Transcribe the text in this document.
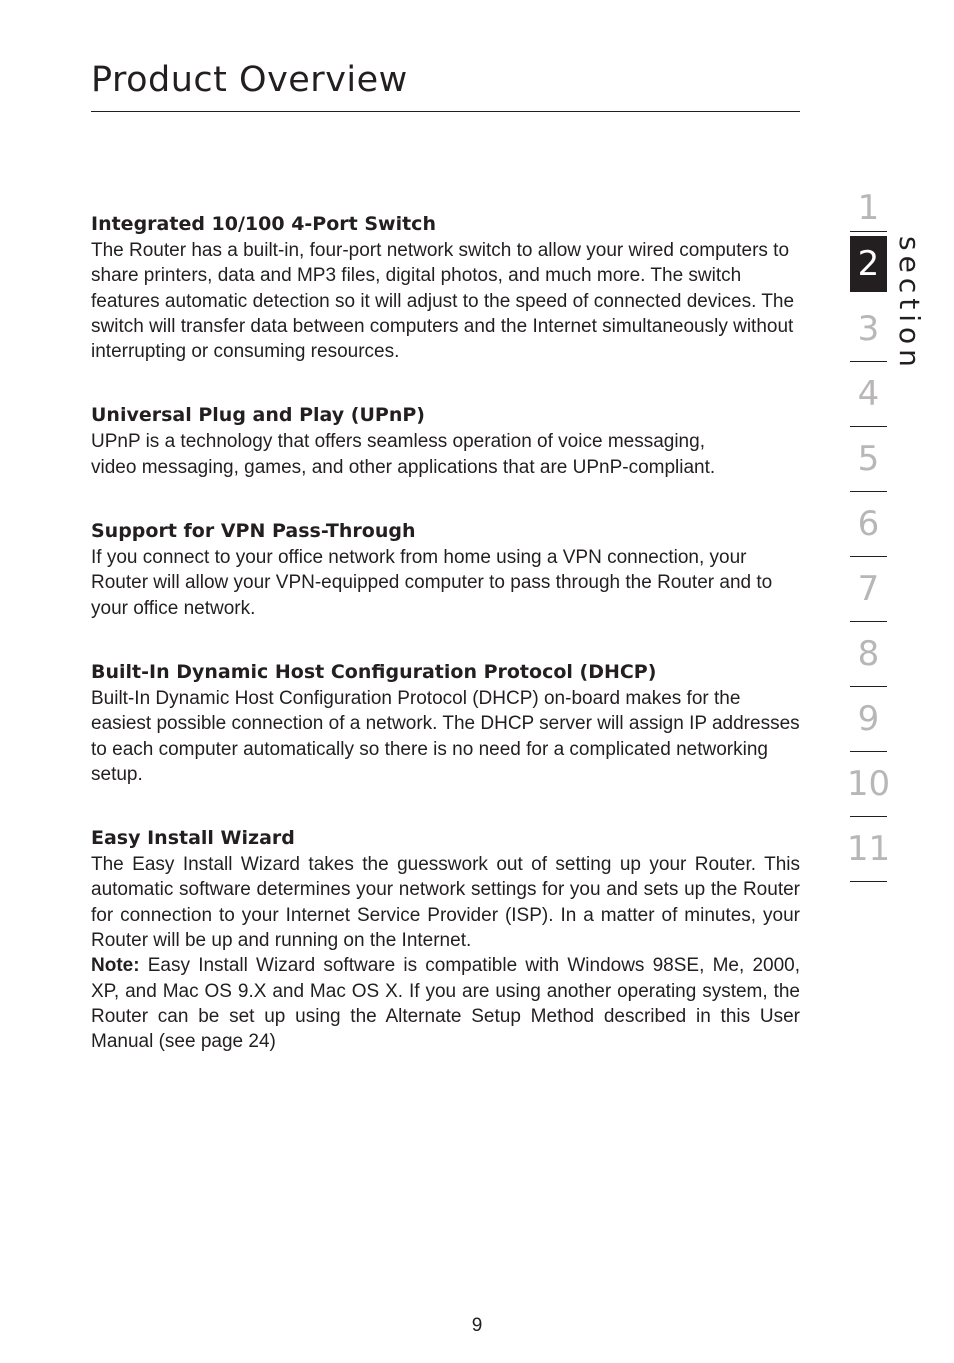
Product Overview
Integrated 10/100 4-Port Switch

The Router has a built-in, four-port network switch to allow your wired computers to share printers, data and MP3 files, digital photos, and much more. The switch features automatic detection so it will adjust to the speed of connected devices. The switch will transfer data between computers and the Internet simultaneously without interrupting or consuming resources.

Universal Plug and Play (UPnP)

UPnP is a technology that offers seamless operation of voice messaging, video messaging, games, and other applications that are UPnP-compliant.

Support for VPN Pass-Through

If you connect to your office network from home using a VPN connection, your Router will allow your VPN-equipped computer to pass through the Router and to your office network.

Built-In Dynamic Host Configuration Protocol (DHCP)

Built-In Dynamic Host Configuration Protocol (DHCP) on-board makes for the easiest possible connection of a network. The DHCP server will assign IP addresses to each computer automatically so there is no need for a complicated networking setup.

Easy Install Wizard

The Easy Install Wizard takes the guesswork out of setting up your Router. This automatic software determines your network settings for you and sets up the Router for connection to your Internet Service Provider (ISP). In a matter of minutes, your Router will be up and running on the Internet.

Note: Easy Install Wizard software is compatible with Windows 98SE, Me, 2000, XP, and Mac OS 9.X and Mac OS X. If you are using another operating system, the Router can be set up using the Alternate Setup Method described in this User Manual (see page 24)

1
2
3
4
5
6
7
8
9
10
11
section
9
